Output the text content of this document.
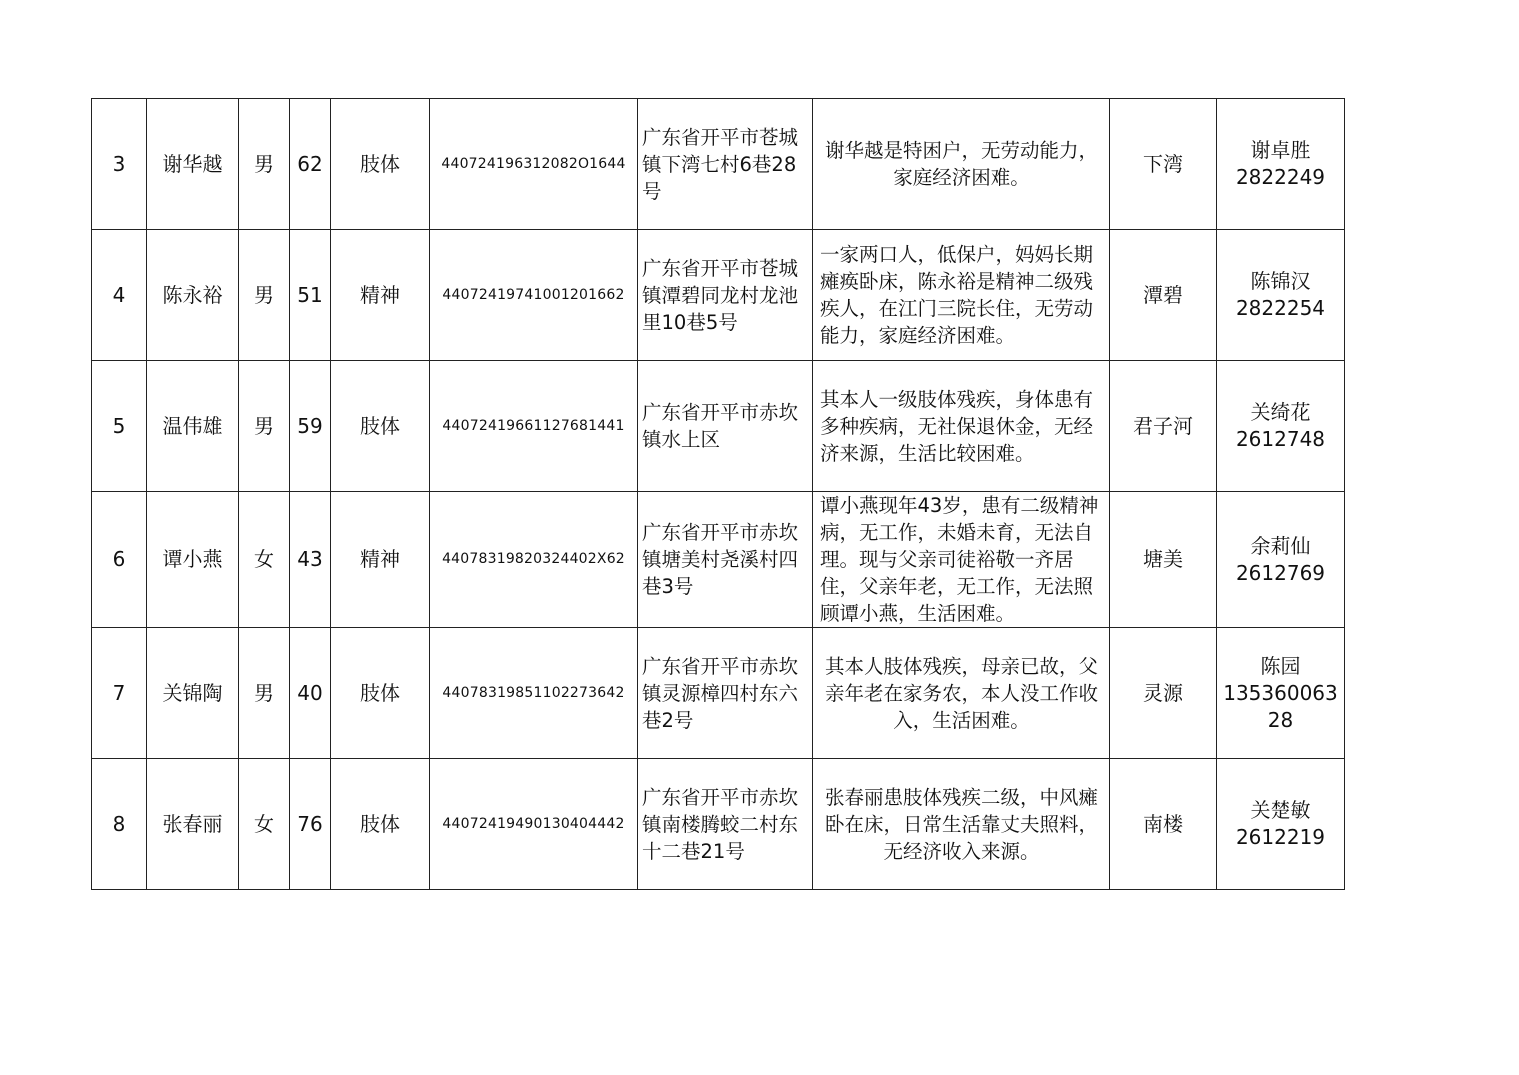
3	谢华越	男	62	肢体	440724196312082O1644	广东省开平市苍城镇下湾七村6巷28号	谢华越是特困户，无劳动能力，家庭经济困难。	下湾	谢卓胜
2822249

4	陈永裕	男	51	精神	44072419741001201662	广东省开平市苍城镇潭碧同龙村龙池里10巷5号	一家两口人，低保户，妈妈长期瘫痪卧床，陈永裕是精神二级残疾人，在江门三院长住，无劳动能力，家庭经济困难。	潭碧	陈锦汉
2822254

5	温伟雄	男	59	肢体	44072419661127681441	广东省开平市赤坎镇水上区	其本人一级肢体残疾，身体患有多种疾病，无社保退休金，无经济来源，生活比较困难。	君子河	关绮花
2612748

6	谭小燕	女	43	精神	44078319820324402X62	广东省开平市赤坎镇塘美村尧溪村四巷3号	谭小燕现年43岁，患有二级精神病，无工作，未婚未育，无法自理。现与父亲司徒裕敬一齐居住，父亲年老，无工作，无法照顾谭小燕，生活困难。	塘美	余莉仙
2612769

7	关锦陶	男	40	肢体	44078319851102273642	广东省开平市赤坎镇灵源樟四村东六巷2号	其本人肢体残疾，母亲已故，父亲年老在家务农，本人没工作收入，生活困难。	灵源	陈园
13536006328

8	张春丽	女	76	肢体	44072419490130404442	广东省开平市赤坎镇南楼腾蛟二村东十二巷21号	张春丽患肢体残疾二级，中风瘫卧在床，日常生活靠丈夫照料，无经济收入来源。	南楼	关楚敏
2612219
